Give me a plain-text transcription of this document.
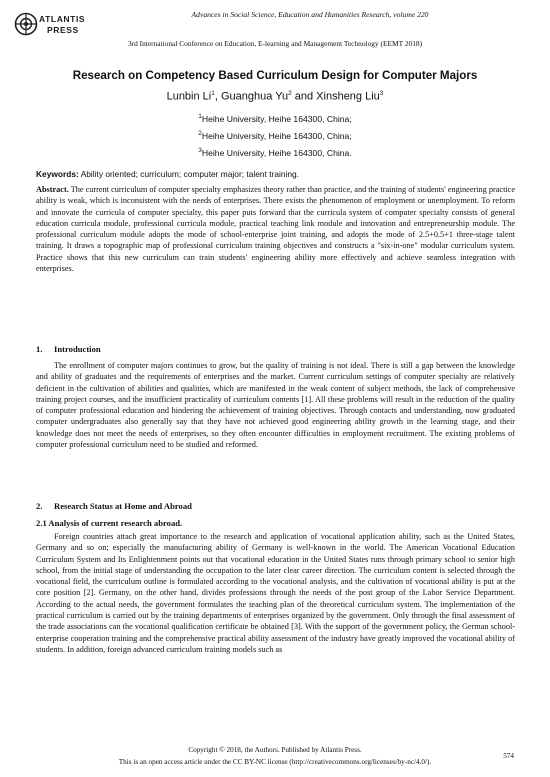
ATLANTIS
PRESS
Advances in Social Science, Education and Humanities Research, volume 220
3rd International Conference on Education, E-learning and Management Technology (EEMT 2018)
Research on Competency Based Curriculum Design for Computer Majors
Lunbin Li$^1$, Guanghua Yu$^2$ and Xinsheng Liu$^3$
$^1$Heihe University, Heihe 164300, China;
$^2$Heihe University, Heihe 164300, China;
$^3$Heihe University, Heihe 164300, China.
Keywords: Ability oriented; curriculum; computer major; talent training.

Abstract. The current curriculum of computer specialty emphasizes theory rather than practice, and the training of students' engineering practice ability is weak, which is inconsistent with the needs of enterprises. There exists the phenomenon of employment or unemployment. To reform and innovate the curricula of computer specialty, this paper puts forward that the curricula system of computer specialty consists of general education curricula module, professional curricula module, practical teaching link module and innovation and entrepreneurship module. The professional curriculum module adopts the mode of school-enterprise joint training, and adopts the mode of 2.5+0.5+1 three-stage talent training. It draws a topographic map of professional curriculum training objectives and constructs a "six-in-one" modular curriculum system. Practice shows that this new curriculum can train students' engineering ability more effectively and achieve seamless integration with enterprises.

1. Introduction

The enrollment of computer majors continues to grow, but the quality of training is not ideal. There is still a gap between the knowledge and ability of graduates and the requirements of enterprises and the market. Current curriculum settings of computer specialty are relatively deficient in the cultivation of abilities and qualities, which are manifested in the weak content of subject methods, the lack of comprehensive training project courses, and the insufficient practicality of curriculum contents [1]. All these problems will result in the reduction of the quality of computer professional education and hindering the achievement of training objectives. Through contacts and understanding, now graduated computer undergraduates also generally say that they have not achieved good engineering ability growth in the learning stage, and their knowledge does not meet the needs of enterprises, so they often encounter difficulties in employment recruitment. The existing problems of computer professional curriculum need to be studied and reformed.

2. Research Status at Home and Abroad
2.1 Analysis of current research abroad.

Foreign countries attach great importance to the research and application of vocational application ability, such as the United States, Germany and so on; especially the manufacturing ability of Germany is well-known in the world. The American Vocational Education Curriculum System and Its Enlightenment points out that vocational education in the United States runs through primary school to senior high school, from the initial stage of understanding the occupation to the later clear career direction. The curriculum content is selected through the vocational field, the curriculum outline is formulated according to the vocational analysis, and the cultivation of vocational ability is put at the core position [2]. Germany, on the other hand, divides professions through the needs of the post group of the Labor Service Department. According to the actual needs, the government formulates the teaching plan of the theoretical curriculum system. The implementation of the practical curriculum is carried out by the training departments of enterprises organized by the government. Only through the final assessment of the trade associations can the vocational qualification certificate be obtained [3]. With the support of the government policy, the German school-enterprise cooperation training and the comprehensive practical ability assessment of the industry have greatly improved the vocational ability of students. In addition, foreign advanced curriculum training models such as

Copyright © 2018, the Authors. Published by Atlantis Press.
This is an open access article under the CC BY-NC license (http://creativecommons.org/licenses/by-nc/4.0/).
574
